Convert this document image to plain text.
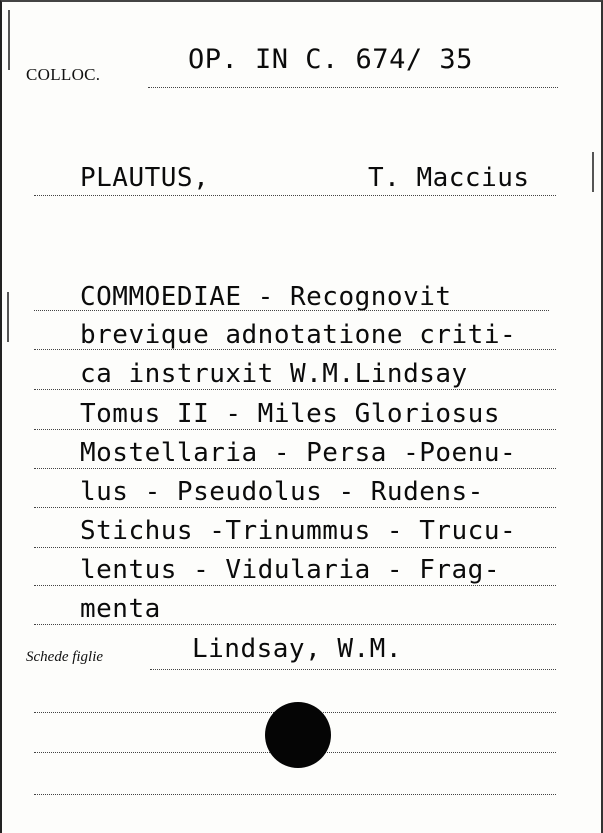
COLLOC.	OP. IN C. 674/ 35
PLAUTUS,	T. Maccius
COMMOEDIAE - Recognovit
brevique adnotatione criti-
ca instruxit W.M.Lindsay
Tomus II - Miles Gloriosus
Mostellaria - Persa -Poenu-
lus - Pseudolus - Rudens-
Stichus -Trinummus - Trucu-
lentus - Vidularia - Frag-
menta
Schede figlie	Lindsay, W.M.
